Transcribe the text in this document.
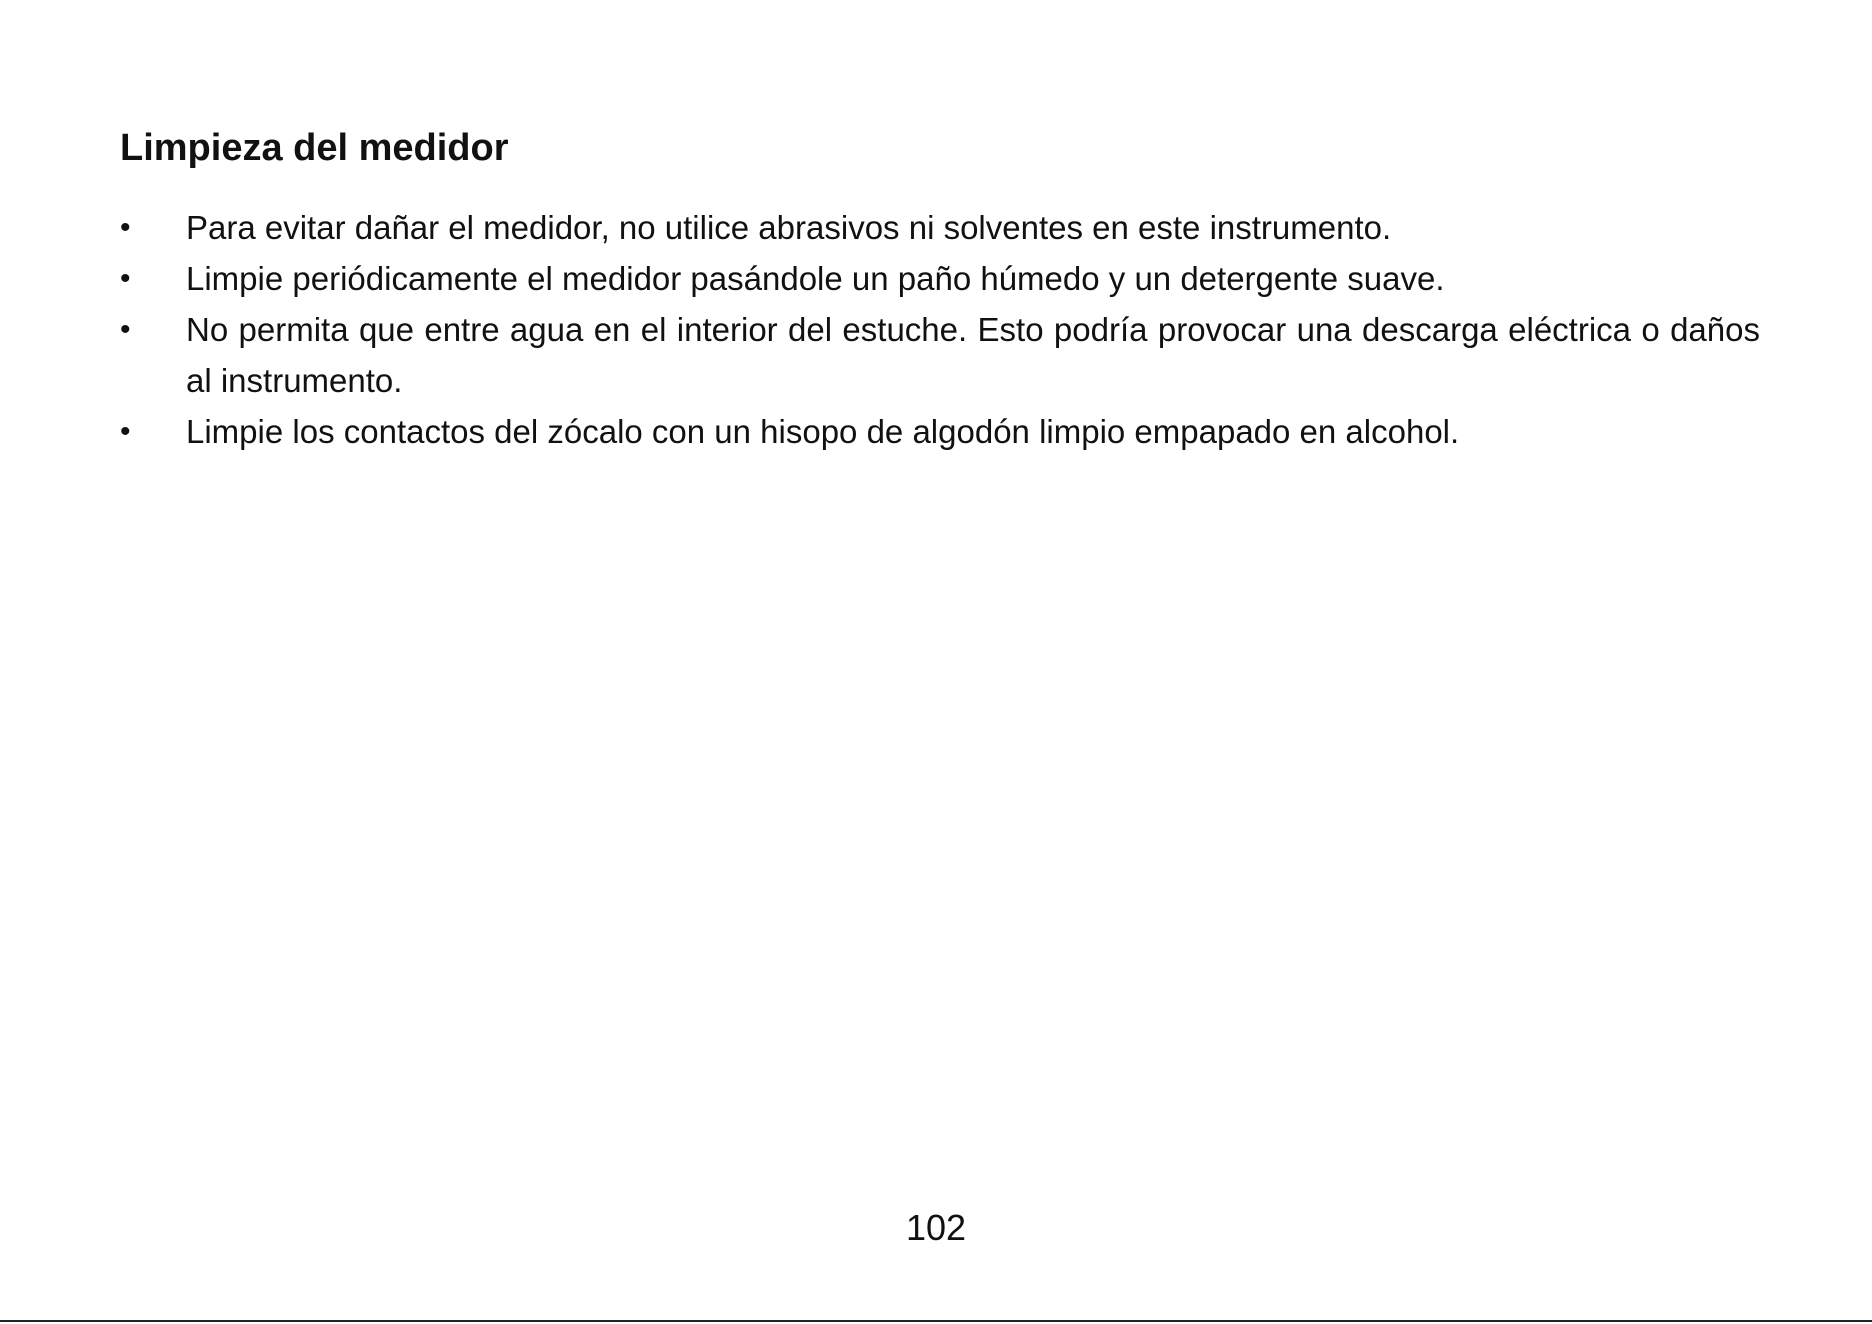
Limpieza del medidor
• Para evitar dañar el medidor, no utilice abrasivos ni solventes en este instrumento.
• Limpie periódicamente el medidor pasándole un paño húmedo y un detergente suave.
• No permita que entre agua en el interior del estuche. Esto podría provocar una descarga eléctrica o daños al instrumento.
• Limpie los contactos del zócalo con un hisopo de algodón limpio empapado en alcohol.
102
